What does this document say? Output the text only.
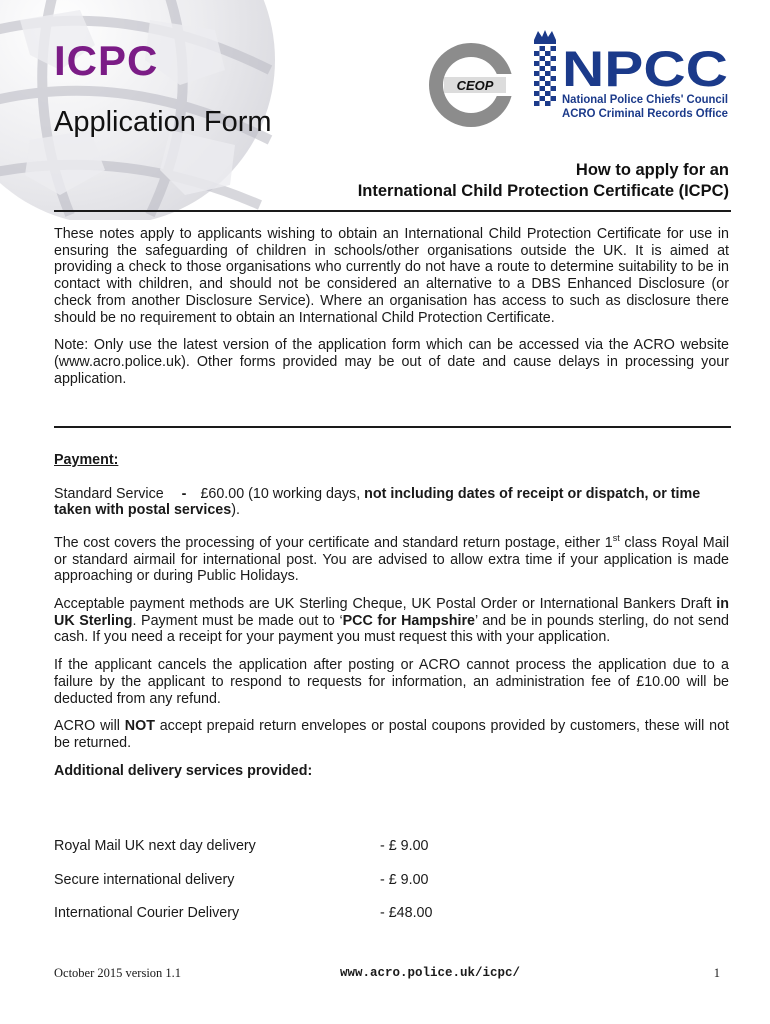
ICPC
Application Form
CEOP NPCC
National Police Chiefs' Council
ACRO Criminal Records Office
How to apply for an
International Child Protection Certificate (ICPC)

These notes apply to applicants wishing to obtain an International Child Protection Certificate for use in ensuring the safeguarding of children in schools/other organisations outside the UK. It is aimed at providing a check to those organisations who currently do not have a route to determine suitability to be in contact with children, and should not be considered an alternative to a DBS Enhanced Disclosure (or check from another Disclosure Service). Where an organisation has access to such as disclosure there should be no requirement to obtain an International Child Protection Certificate.

Note: Only use the latest version of the application form which can be accessed via the ACRO website (www.acro.police.uk). Other forms provided may be out of date and cause delays in processing your application.

Payment:

Standard Service - £60.00 (10 working days, not including dates of receipt or dispatch, or time taken with postal services).

The cost covers the processing of your certificate and standard return postage, either 1st class Royal Mail or standard airmail for international post. You are advised to allow extra time if your application is made approaching or during Public Holidays.

Acceptable payment methods are UK Sterling Cheque, UK Postal Order or International Bankers Draft in UK Sterling. Payment must be made out to ‘PCC for Hampshire’ and be in pounds sterling, do not send cash. If you need a receipt for your payment you must request this with your application.

If the applicant cancels the application after posting or ACRO cannot process the application due to a failure by the applicant to respond to requests for information, an administration fee of £10.00 will be deducted from any refund.

ACRO will NOT accept prepaid return envelopes or postal coupons provided by customers, these will not be returned.

Additional delivery services provided:

Royal Mail UK next day delivery	- £ 9.00
Secure international delivery	- £ 9.00
International Courier Delivery	- £48.00
October 2015 version 1.1	www.acro.police.uk/icpc/	1
